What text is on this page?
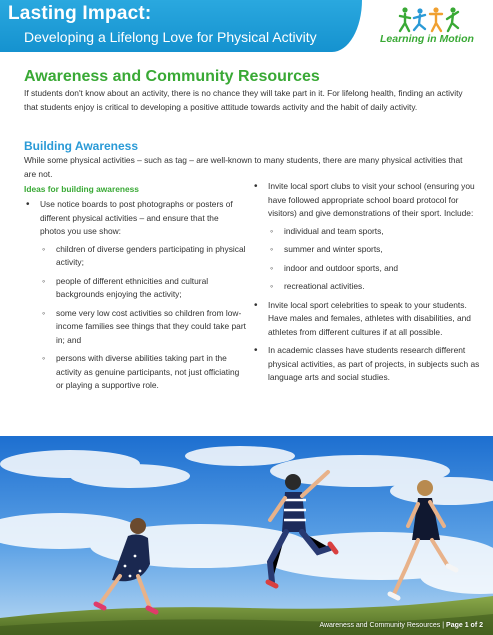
Lasting Impact:
Developing a Lifelong Love for Physical Activity	Learning in Motion
Awareness and Community Resources

If students don't know about an activity, there is no chance they will take part in it. For lifelong health, finding an activity that students enjoy is critical to developing a positive attitude towards activity and the habit of daily activity.

Building Awareness

While some physical activities – such as tag – are well-known to many students, there are many physical activities that are not.

Ideas for building awareness

• Use notice boards to post photographs or posters of different physical activities – and ensure that the photos you use show:
◦ children of diverse genders participating in physical activity;
◦ people of different ethnicities and cultural backgrounds enjoying the activity;
◦ some very low cost activities so children from low-income families see things that they could take part in; and
◦ persons with diverse abilities taking part in the activity as genuine participants, not just officiating or playing a supportive role.
• Invite local sport clubs to visit your school (ensuring you have followed appropriate school board protocol for visitors) and give demonstrations of their sport. Include:
◦ individual and team sports,
◦ summer and winter sports,
◦ indoor and outdoor sports, and
◦ recreational activities.
• Invite local sport celebrities to speak to your students. Have males and females, athletes with disabilities, and athletes from different cultures if at all possible.
• In academic classes have students research different physical activities, as part of projects, in subjects such as language arts and social studies.
Awareness and Community Resources | Page 1 of 2
